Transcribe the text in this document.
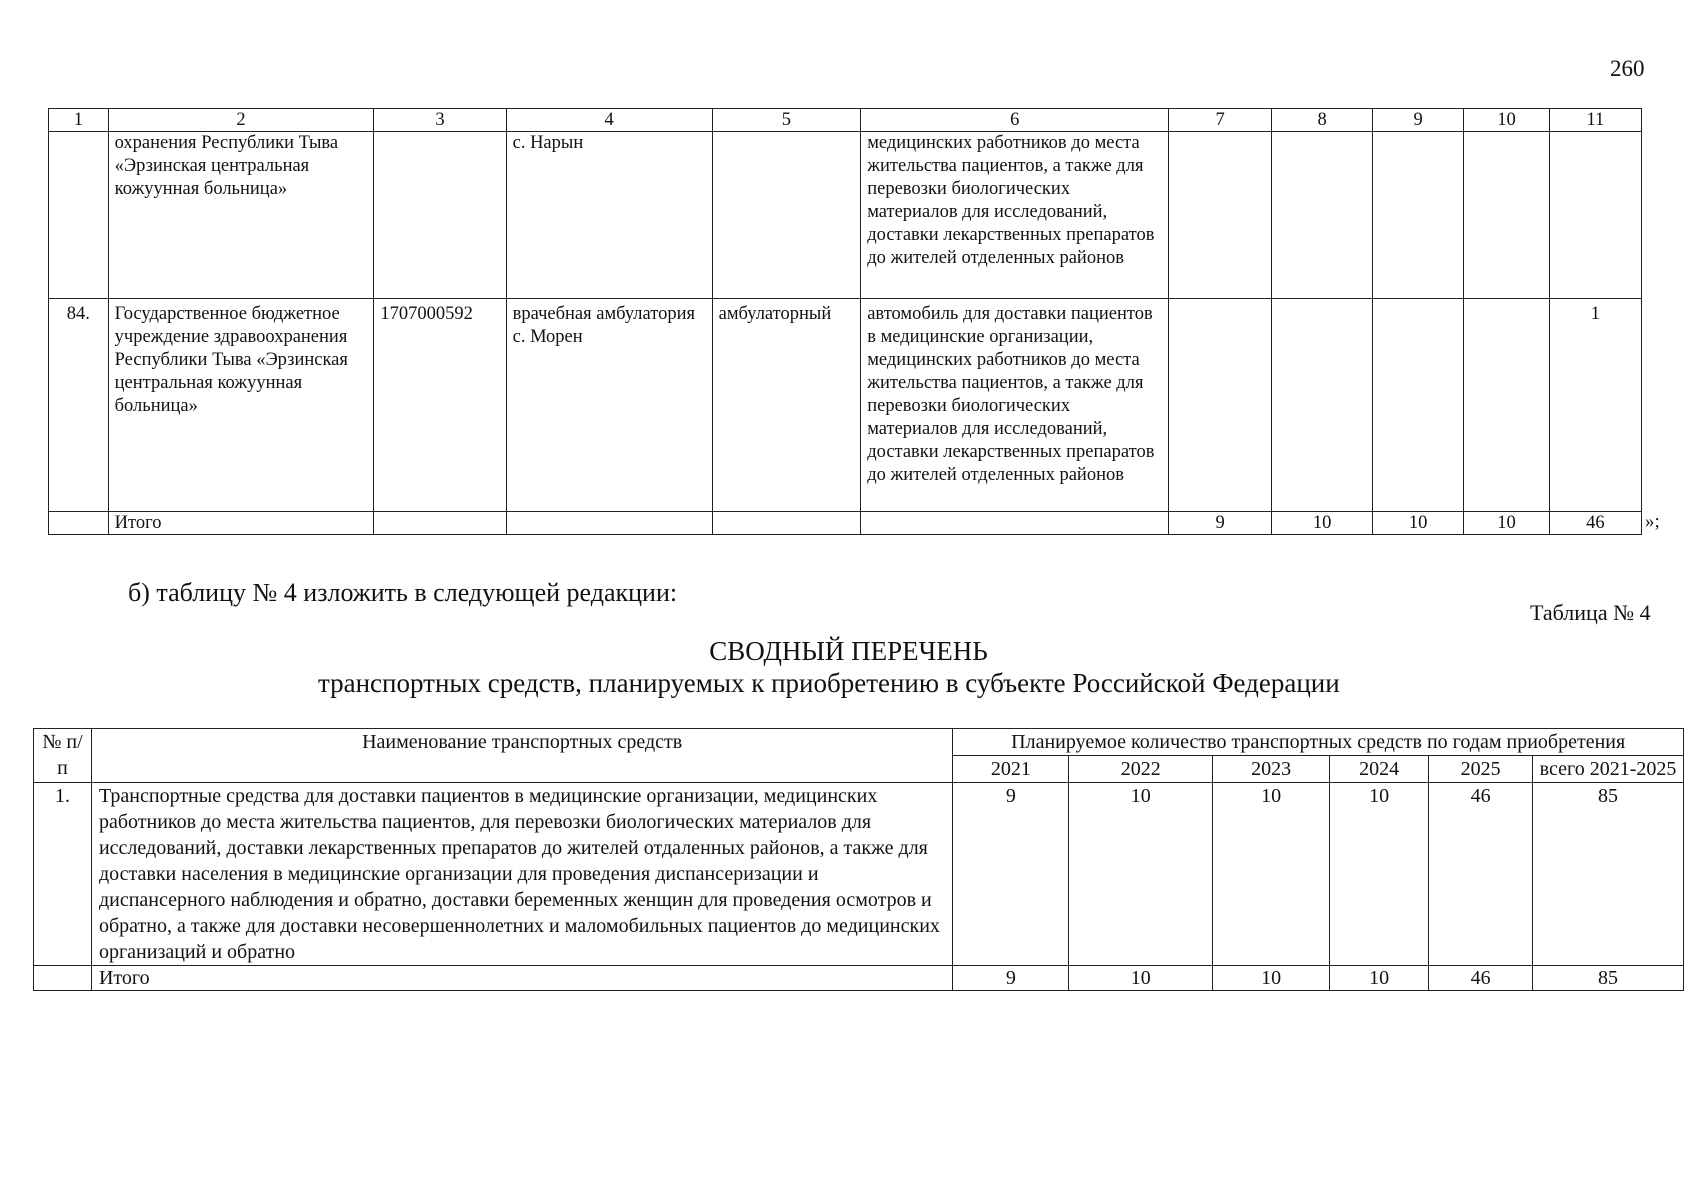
260
1	2	3	4	5	6	7	8	9	10	11
	охранения Республики Тыва «Эрзинская центральная кожуунная больница»		с. Нарын		медицинских работников до места жительства пациентов, а также для перевозки биологических материалов для исследований, доставки лекарственных препаратов до жителей отделенных районов					
84.	Государственное бюджетное учреждение здравоохранения Республики Тыва «Эрзинская центральная кожуунная больница»	1707000592	врачебная амбулатория с. Морен	амбулаторный	автомобиль для доставки пациентов в медицинские организации, медицинских работников до места жительства пациентов, а также для перевозки биологических материалов для исследований, доставки лекарственных препаратов до жителей отделенных районов					1
	Итого					9	10	10	10	46 »;
б) таблицу № 4 изложить в следующей редакции:
Таблица № 4
СВОДНЫЙ ПЕРЕЧЕНЬ
транспортных средств, планируемых к приобретению в субъекте Российской Федерации
№ п/п	Наименование транспортных средств	Планируемое количество транспортных средств по годам приобретения					
		2021	2022	2023	2024	2025	всего 2021-2025
1.	Транспортные средства для доставки пациентов в медицинские организации, медицинских работников до места жительства пациентов, для перевозки биологических материалов для исследований, доставки лекарственных препаратов до жителей отдаленных районов, а также для доставки населения в медицинские организации для проведения диспансеризации и диспансерного наблюдения и обратно, доставки беременных женщин для проведения осмотров и обратно, а также для доставки несовершеннолетних и маломобильных пациентов до медицинских организаций и обратно	9	10	10	10	46	85
	Итого	9	10	10	10	46	85
